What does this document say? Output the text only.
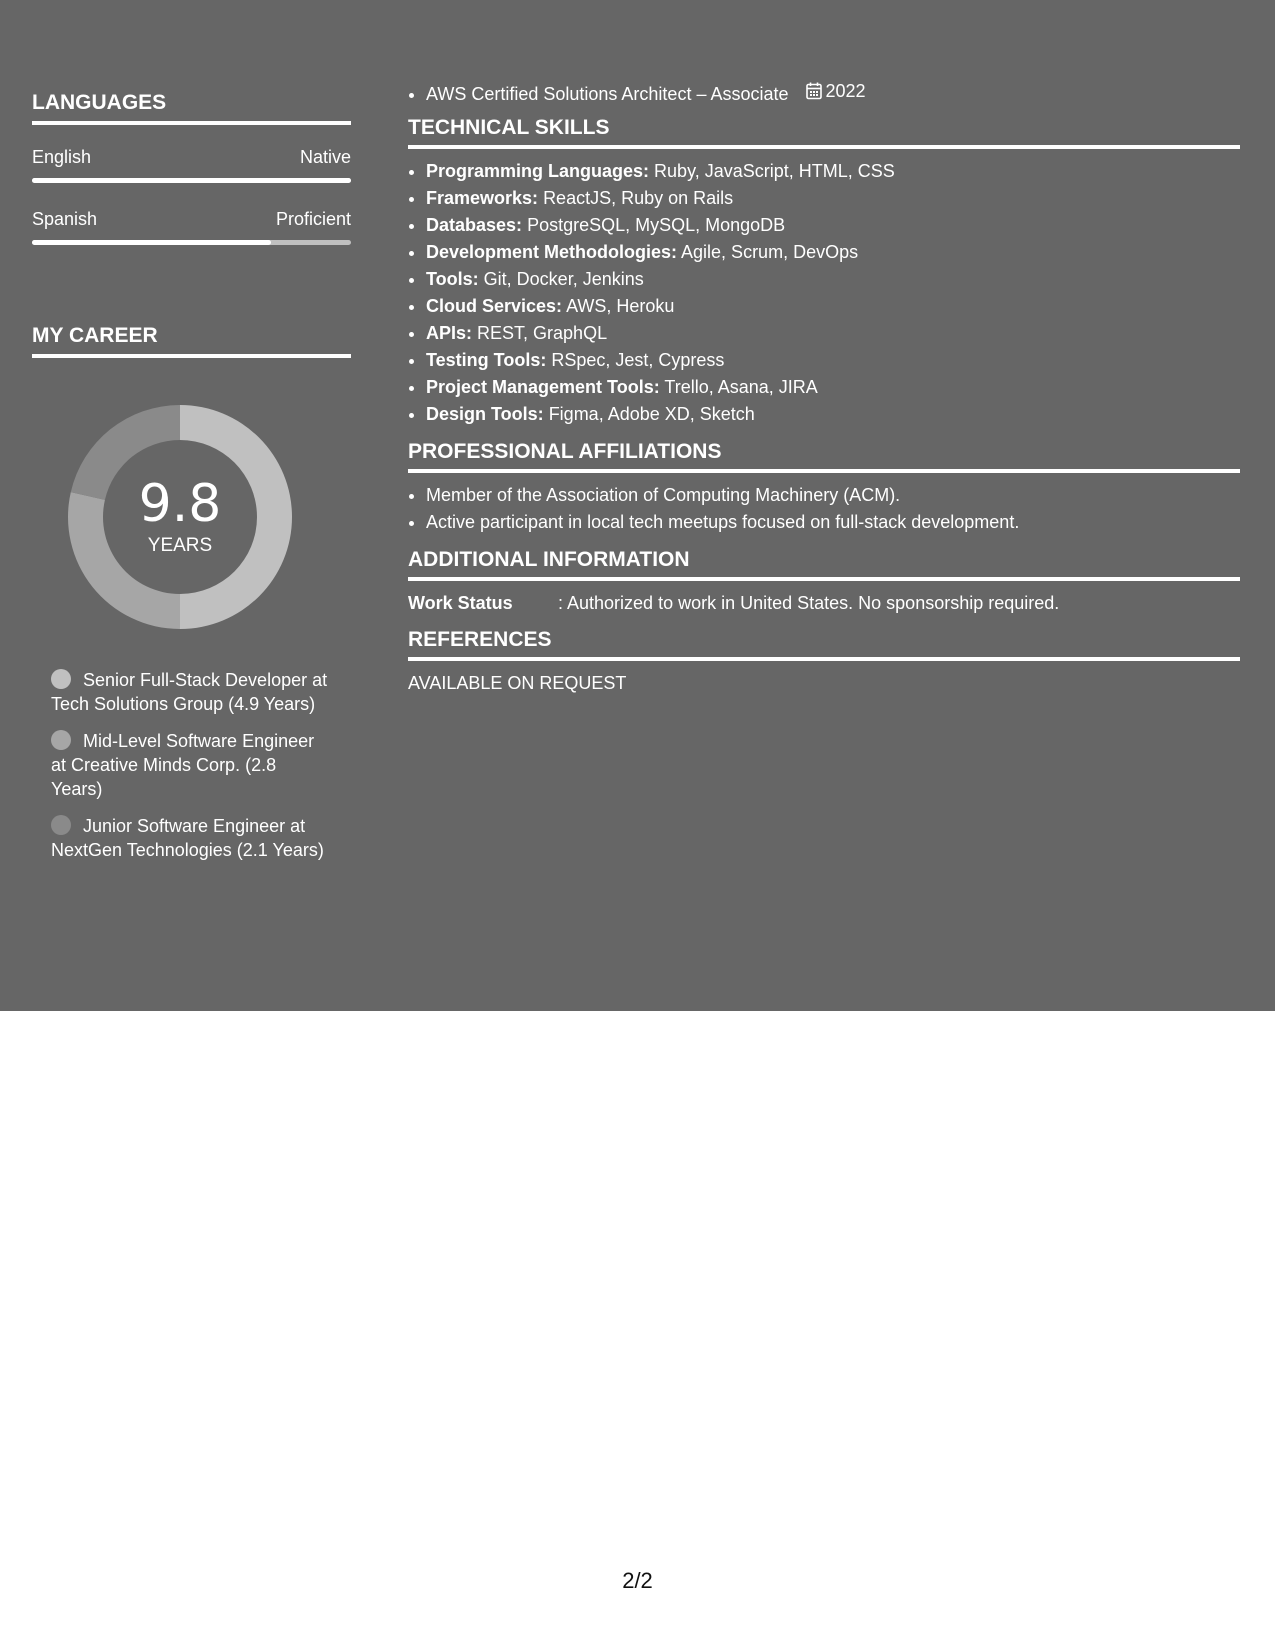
LANGUAGES
English	Native
Spanish	Proficient
MY CAREER
9.8
YEARS
Senior Full-Stack Developer at Tech Solutions Group (4.9 Years)
Mid-Level Software Engineer at Creative Minds Corp. (2.8 Years)
Junior Software Engineer at NextGen Technologies (2.1 Years)
• AWS Certified Solutions Architect – Associate 2022
TECHNICAL SKILLS
• Programming Languages: Ruby, JavaScript, HTML, CSS
• Frameworks: ReactJS, Ruby on Rails
• Databases: PostgreSQL, MySQL, MongoDB
• Development Methodologies: Agile, Scrum, DevOps
• Tools: Git, Docker, Jenkins
• Cloud Services: AWS, Heroku
• APIs: REST, GraphQL
• Testing Tools: RSpec, Jest, Cypress
• Project Management Tools: Trello, Asana, JIRA
• Design Tools: Figma, Adobe XD, Sketch
PROFESSIONAL AFFILIATIONS
• Member of the Association of Computing Machinery (ACM).
• Active participant in local tech meetups focused on full-stack development.
ADDITIONAL INFORMATION
Work Status	: Authorized to work in United States. No sponsorship required.
REFERENCES
AVAILABLE ON REQUEST
2/2
